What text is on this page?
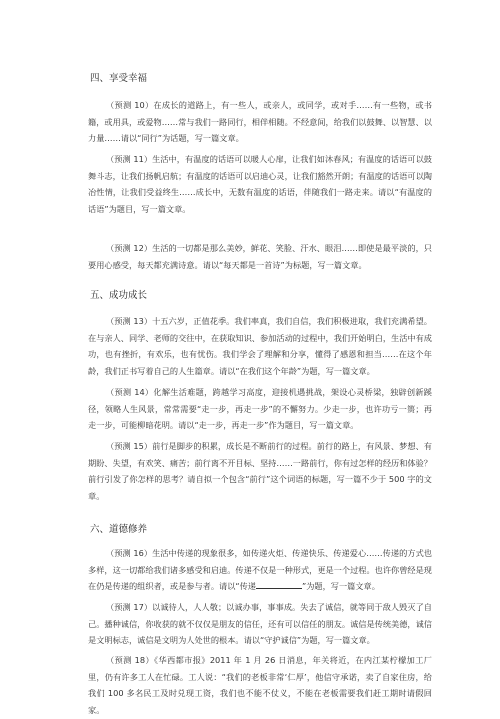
四、享受幸福
（预测 10）在成长的道路上，有一些人，或亲人，或同学，或对手……有一些物，或书籍，或用具，或爱物……常与我们一路同行，相伴相随。不经意间，给我们以鼓舞、以智慧、以力量……请以“同行”为话题，写一篇文章。
（预测 11）生活中，有温度的话语可以暖人心扉，让我们如沐春风；有温度的话语可以鼓舞斗志，让我们扬帆启航；有温度的话语可以启迪心灵，让我们豁然开朗；有温度的话语可以陶冶性情，让我们受益终生……成长中，无数有温度的话语，伴随我们一路走来。请以“有温度的话语”为题目，写一篇文章。
（预测 12）生活的一切都是那么美妙，鲜花、笑脸、汗水、眼泪……即使是最平淡的，只要用心感受，每天都充满诗意。请以“每天都是一首诗”为标题，写一篇文章。
五、成功成长
（预测 13）十五六岁，正值花季。我们率真，我们自信，我们积极进取，我们充满希望。在与亲人、同学、老师的交往中，在获取知识、参加活动的过程中，我们开始明白，生活中有成功，也有挫折，有欢乐，也有忧伤。我们学会了理解和分享，懂得了感恩和担当……在这个年龄，我们正书写着自己的人生篇章。请以“在我们这个年龄”为题，写一篇文章。
（预测 14）化解生活难题，跨越学习高度，迎接机遇挑战，架设心灵桥梁，独辟创新蹊径，领略人生风景，常常需要“走一步，再走一步”的不懈努力。少走一步，也许功亏一篑；再走一步，可能柳暗花明。请以“走一步，再走一步”作为题目，写一篇文章。
（预测 15）前行是脚步的积累，成长是不断前行的过程。前行的路上，有风景、梦想、有期盼、失望，有欢笑、痛苦；前行离不开目标、坚持……一路前行，你有过怎样的经历和体验？前行引发了你怎样的思考？请自拟一个包含“前行”这个词语的标题，写一篇不少于 500 字的文章。
六、道德修养
（预测 16）生活中传递的现象很多，如传递火炬、传递快乐、传递爱心……传递的方式也多样，这一切都给我们诸多感受和启迪。传递不仅是一种形式，更是一个过程。也许你曾经是现在仍是传递的组织者，或是参与者。请以“传递	”为题，写一篇文章。
（预测 17）以诚待人，人人敬；以诚办事，事事成。失去了诚信，就等同于敌人毁灭了自己。播种诚信，你收获的就不仅仅是朋友的信任，还有可以信任的朋友。诚信是传统美德，诚信是文明标志，诚信是文明为人处世的根本。请以“守护诚信”为题，写一篇文章。
（预测 18）《华西都市报》2011 年 1 月 26 日消息，年关将近，在内江某柠檬加工厂里，仍有许多工人在忙碌。工人说：“我们的老板非常‘仁厚’，他信守承诺，卖了自家住房，给我们 100 多名民工及时兑现工资，我们也不能不仗义，不能在老板需要我们赶工期时请假回家。
